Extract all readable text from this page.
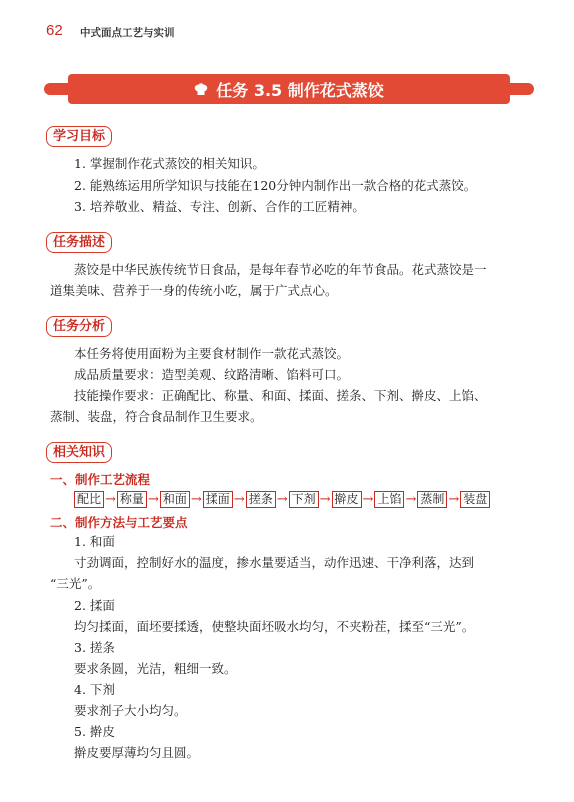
62 中式面点工艺与实训
任务 3.5 制作花式蒸饺
学习目标
1. 掌握制作花式蒸饺的相关知识。
2. 能熟练运用所学知识与技能在120分钟内制作出一款合格的花式蒸饺。
3. 培养敬业、精益、专注、创新、合作的工匠精神。
任务描述
蒸饺是中华民族传统节日食品，是每年春节必吃的年节食品。花式蒸饺是一
道集美味、营养于一身的传统小吃，属于广式点心。
任务分析
本任务将使用面粉为主要食材制作一款花式蒸饺。
成品质量要求：造型美观、纹路清晰、馅料可口。
技能操作要求：正确配比、称量、和面、揉面、搓条、下剂、擀皮、上馅、
蒸制、装盘，符合食品制作卫生要求。
相关知识
一、制作工艺流程
配比 → 称量 → 和面 → 揉面 → 搓条 → 下剂 → 擀皮 → 上馅 → 蒸制 → 装盘
二、制作方法与工艺要点
1. 和面
寸劲调面，控制好水的温度，掺水量要适当，动作迅速、干净利落，达到
“三光”。
2. 揉面
均匀揉面，面坯要揉透，使整块面坯吸水均匀，不夹粉茬，揉至“三光”。
3. 搓条
要求条圆，光洁，粗细一致。
4. 下剂
要求剂子大小均匀。
5. 擀皮
擀皮要厚薄均匀且圆。
